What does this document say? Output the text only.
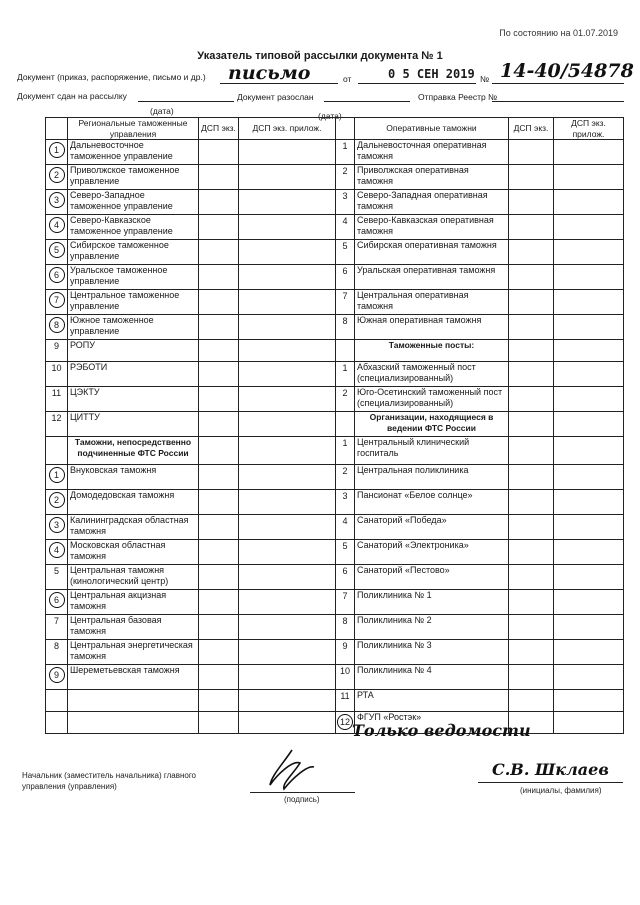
По состоянию на 01.07.2019
Указатель типовой рассылки документа № 1
Документ (приказ, распоряжение, письмо и др.) письмо	от	0 5 СЕН 2019 № 14-40/54878
Документ сдан на рассылку	Документ разослан	Отправка Реестр №
(дата)	(дата)
	Региональные таможенные управления	ДСП экз.	ДСП экз. прилож.		Оперативные таможни	ДСП экз.	ДСП экз. прилож.
1	Дальневосточное таможенное управление			1	Дальневосточная оперативная таможня		
2	Приволжское таможенное управление			2	Приволжская оперативная таможня		
3	Северо-Западное таможенное управление			3	Северо-Западная оперативная таможня		
4	Северо-Кавказское таможенное управление			4	Северо-Кавказская оперативная таможня		
5	Сибирское таможенное управление			5	Сибирская оперативная таможня		
6	Уральское таможенное управление			6	Уральская оперативная таможня		
7	Центральное таможенное управление			7	Центральная оперативная таможня		
8	Южное таможенное управление			8	Южная оперативная таможня		
9	РОПУ				Таможенные посты:		
10	РЭБОТИ			1	Абхазский таможенный пост (специализированный)		
11	ЦЭКТУ			2	Юго-Осетинский таможенный пост (специализированный)		
12	ЦИТТУ				Организации, находящиеся в ведении ФТС России		
	Таможни, непосредственно подчиненные ФТС России			1	Центральный клинический госпиталь		
1	Внуковская таможня			2	Центральная поликлиника		
2	Домодедовская таможня			3	Пансионат «Белое солнце»		
3	Калининградская областная таможня			4	Санаторий «Победа»		
4	Московская областная таможня			5	Санаторий «Электроника»		
5	Центральная таможня (кинологический центр)			6	Санаторий «Пестово»		
6	Центральная акцизная таможня			7	Поликлиника № 1		
7	Центральная базовая таможня			8	Поликлиника № 2		
8	Центральная энергетическая таможня			9	Поликлиника № 3		
9	Шереметьевская таможня			10	Поликлиника № 4		
				11	РТА		
				12	ФГУП «Ростэк»		
Только ведомости
Начальник (заместитель начальника) главного управления (управления)
(подпись)
С.В. Шклаев
(инициалы, фамилия)
